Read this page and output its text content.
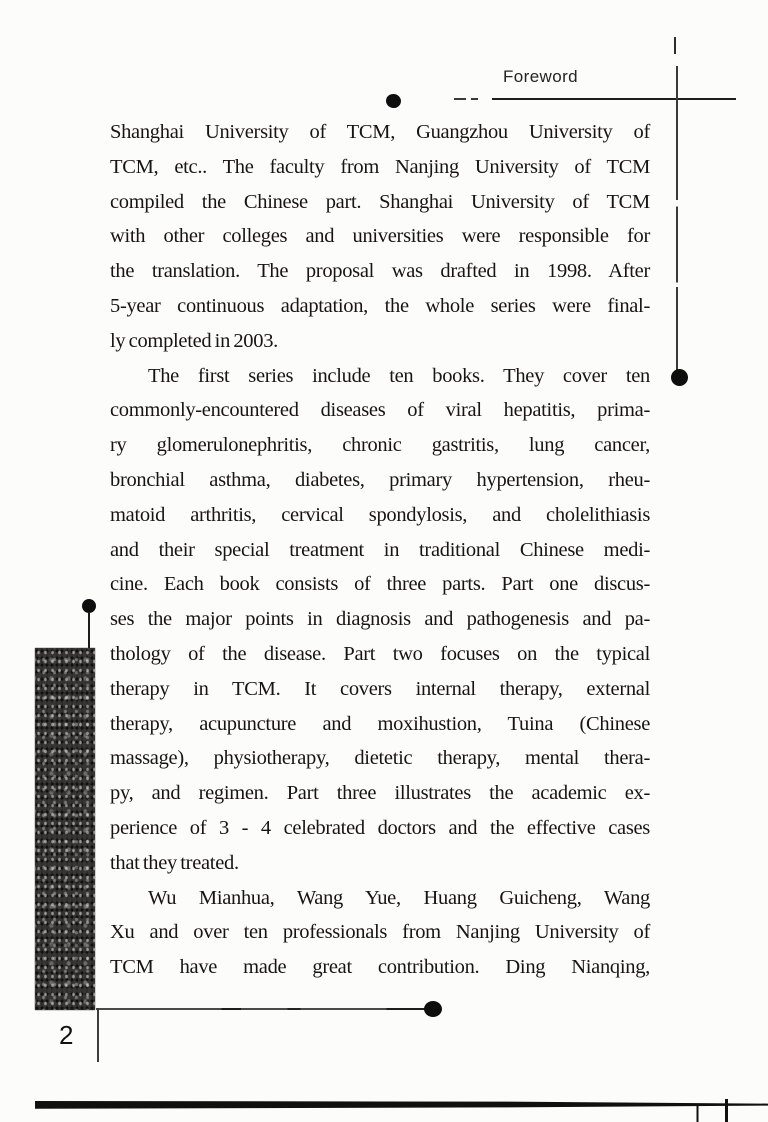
Foreword
Shanghai University of TCM, Guangzhou University of
TCM, etc.. The faculty from Nanjing University of TCM
compiled the Chinese part. Shanghai University of TCM
with other colleges and universities were responsible for
the translation. The proposal was drafted in 1998. After
5-year continuous adaptation, the whole series were final-
ly completed in 2003.
The first series include ten books. They cover ten
commonly-encountered diseases of viral hepatitis, prima-
ry glomerulonephritis, chronic gastritis, lung cancer,
bronchial asthma, diabetes, primary hypertension, rheu-
matoid arthritis, cervical spondylosis, and cholelithiasis
and their special treatment in traditional Chinese medi-
cine. Each book consists of three parts. Part one discus-
ses the major points in diagnosis and pathogenesis and pa-
thology of the disease. Part two focuses on the typical
therapy in TCM. It covers internal therapy, external
therapy, acupuncture and moxihustion, Tuina (Chinese
massage), physiotherapy, dietetic therapy, mental thera-
py, and regimen. Part three illustrates the academic ex-
perience of 3 - 4 celebrated doctors and the effective cases
that they treated.
Wu Mianhua, Wang Yue, Huang Guicheng, Wang
Xu and over ten professionals from Nanjing University of
TCM have made great contribution. Ding Nianqing,
2
